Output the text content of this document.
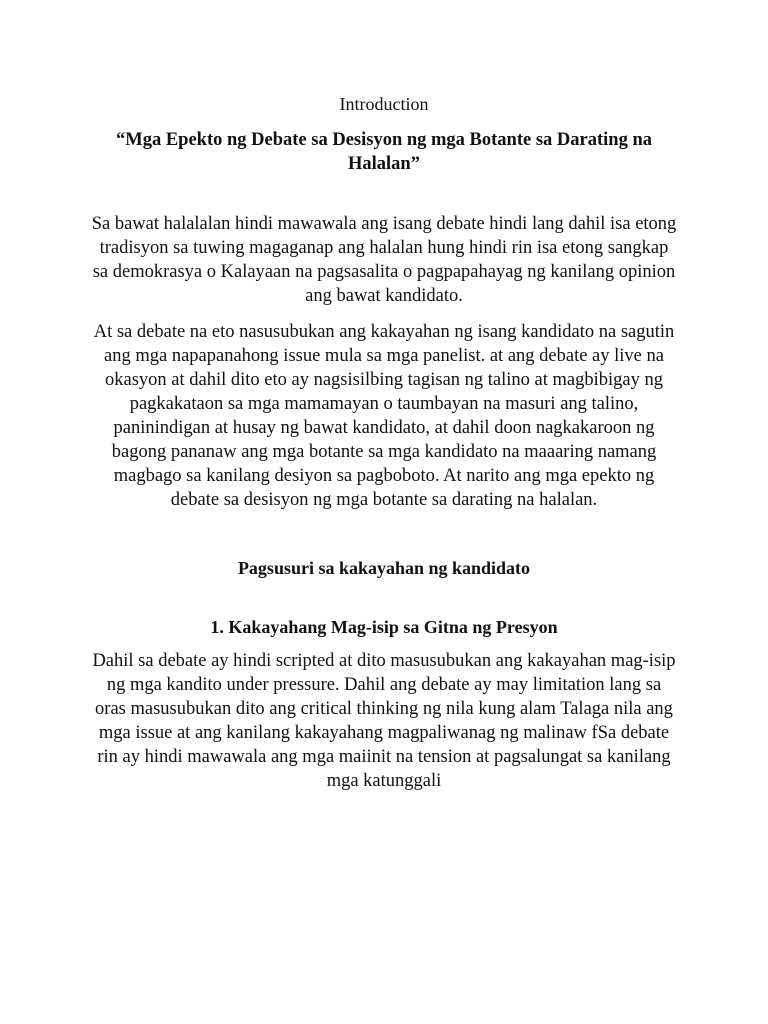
Introduction
“Mga Epekto ng Debate sa Desisyon ng mga Botante sa Darating na Halalan”

Sa bawat halalalan hindi mawawala ang isang debate hindi lang dahil isa etong tradisyon sa tuwing magaganap ang halalan hung hindi rin isa etong sangkap sa demokrasya o Kalayaan na pagsasalita o pagpapahayag ng kanilang opinion ang bawat kandidato.

At sa debate na eto nasusubukan ang kakayahan ng isang kandidato na sagutin ang mga napapanahong issue mula sa mga panelist. at ang debate ay live na okasyon at dahil dito eto ay nagsisilbing tagisan ng talino at magbibigay ng pagkakataon sa mga mamamayan o taumbayan na masuri ang talino, paninindigan at husay ng bawat kandidato, at dahil doon nagkakaroon ng bagong pananaw ang mga botante sa mga kandidato na maaaring namang magbago sa kanilang desiyon sa pagboboto. At narito ang mga epekto ng debate sa desisyon ng mga botante sa darating na halalan.

Pagsusuri sa kakayahan ng kandidato
1. Kakayahang Mag-isip sa Gitna ng Presyon

Dahil sa debate ay hindi scripted at dito masusubukan ang kakayahan mag-isip ng mga kandito under pressure. Dahil ang debate ay may limitation lang sa oras masusubukan dito ang critical thinking ng nila kung alam Talaga nila ang mga issue at ang kanilang kakayahang magpaliwanag ng malinaw fSa debate rin ay hindi mawawala ang mga maiinit na tension at pagsalungat sa kanilang mga katunggali
